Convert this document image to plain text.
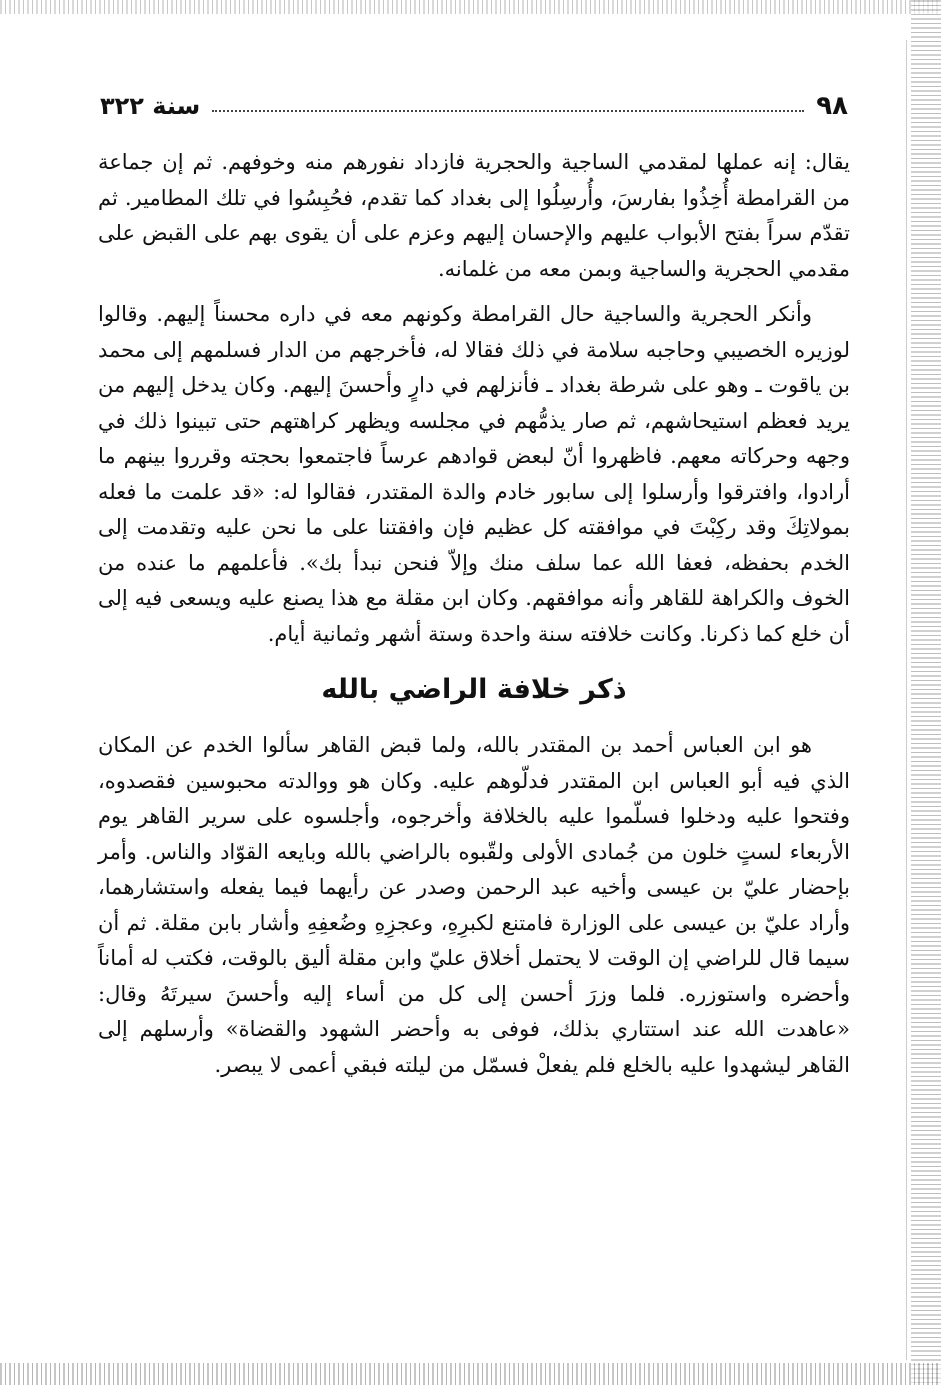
٩٨
سنة ٣٢٢

يقال: إنه عملها لمقدمي الساجية والحجرية فازداد نفورهم منه وخوفهم. ثم إن جماعة من القرامطة أُخِذُوا بفارسَ، وأُرسِلُوا إلى بغداد كما تقدم، فحُبِسُوا في تلك المطامير. ثم تقدّم سراً بفتح الأبواب عليهم والإحسان إليهم وعزم على أن يقوى بهم على القبض على مقدمي الحجرية والساجية وبمن معه من غلمانه.

وأنكر الحجرية والساجية حال القرامطة وكونهم معه في داره محسناً إليهم. وقالوا لوزيره الخصيبي وحاجبه سلامة في ذلك فقالا له، فأخرجهم من الدار فسلمهم إلى محمد بن ياقوت ـ وهو على شرطة بغداد ـ فأنزلهم في دارٍ وأحسنَ إليهم. وكان يدخل إليهم من يريد فعظم استيحاشهم، ثم صار يذمُّهم في مجلسه ويظهر كراهتهم حتى تبينوا ذلك في وجهه وحركاته معهم. فاظهروا أنّ لبعض قوادهم عرساً فاجتمعوا بحجته وقرروا بينهم ما أرادوا، وافترقوا وأرسلوا إلى سابور خادم والدة المقتدر، فقالوا له: «قد علمت ما فعله بمولاتِكَ وقد ركِبْتَ في موافقته كل عظيم فإن وافقتنا على ما نحن عليه وتقدمت إلى الخدم بحفظه، فعفا الله عما سلف منك وإلاّ فنحن نبدأ بك». فأعلمهم ما عنده من الخوف والكراهة للقاهر وأنه موافقهم. وكان ابن مقلة مع هذا يصنع عليه ويسعى فيه إلى أن خلع كما ذكرنا. وكانت خلافته سنة واحدة وستة أشهر وثمانية أيام.

ذكر خلافة الراضي بالله

هو ابن العباس أحمد بن المقتدر بالله، ولما قبض القاهر سألوا الخدم عن المكان الذي فيه أبو العباس ابن المقتدر فدلّوهم عليه. وكان هو ووالدته محبوسين فقصدوه، وفتحوا عليه ودخلوا فسلّموا عليه بالخلافة وأخرجوه، وأجلسوه على سرير القاهر يوم الأربعاء لستٍ خلون من جُمادى الأولى ولقّبوه بالراضي بالله وبايعه القوّاد والناس. وأمر بإحضار عليّ بن عيسى وأخيه عبد الرحمن وصدر عن رأيهما فيما يفعله واستشارهما، وأراد عليّ بن عيسى على الوزارة فامتنع لكبرِهِ، وعجزِهِ وضُعفِهِ وأشار بابن مقلة. ثم أن سيما قال للراضي إن الوقت لا يحتمل أخلاق عليّ وابن مقلة أليق بالوقت، فكتب له أماناً وأحضره واستوزره. فلما وزرَ أحسن إلى كل من أساء إليه وأحسنَ سيرتَهُ وقال: «عاهدت الله عند استتاري بذلك، فوفى به وأحضر الشهود والقضاة» وأرسلهم إلى القاهر ليشهدوا عليه بالخلع فلم يفعلْ فسمّل من ليلته فبقي أعمى لا يبصر.
